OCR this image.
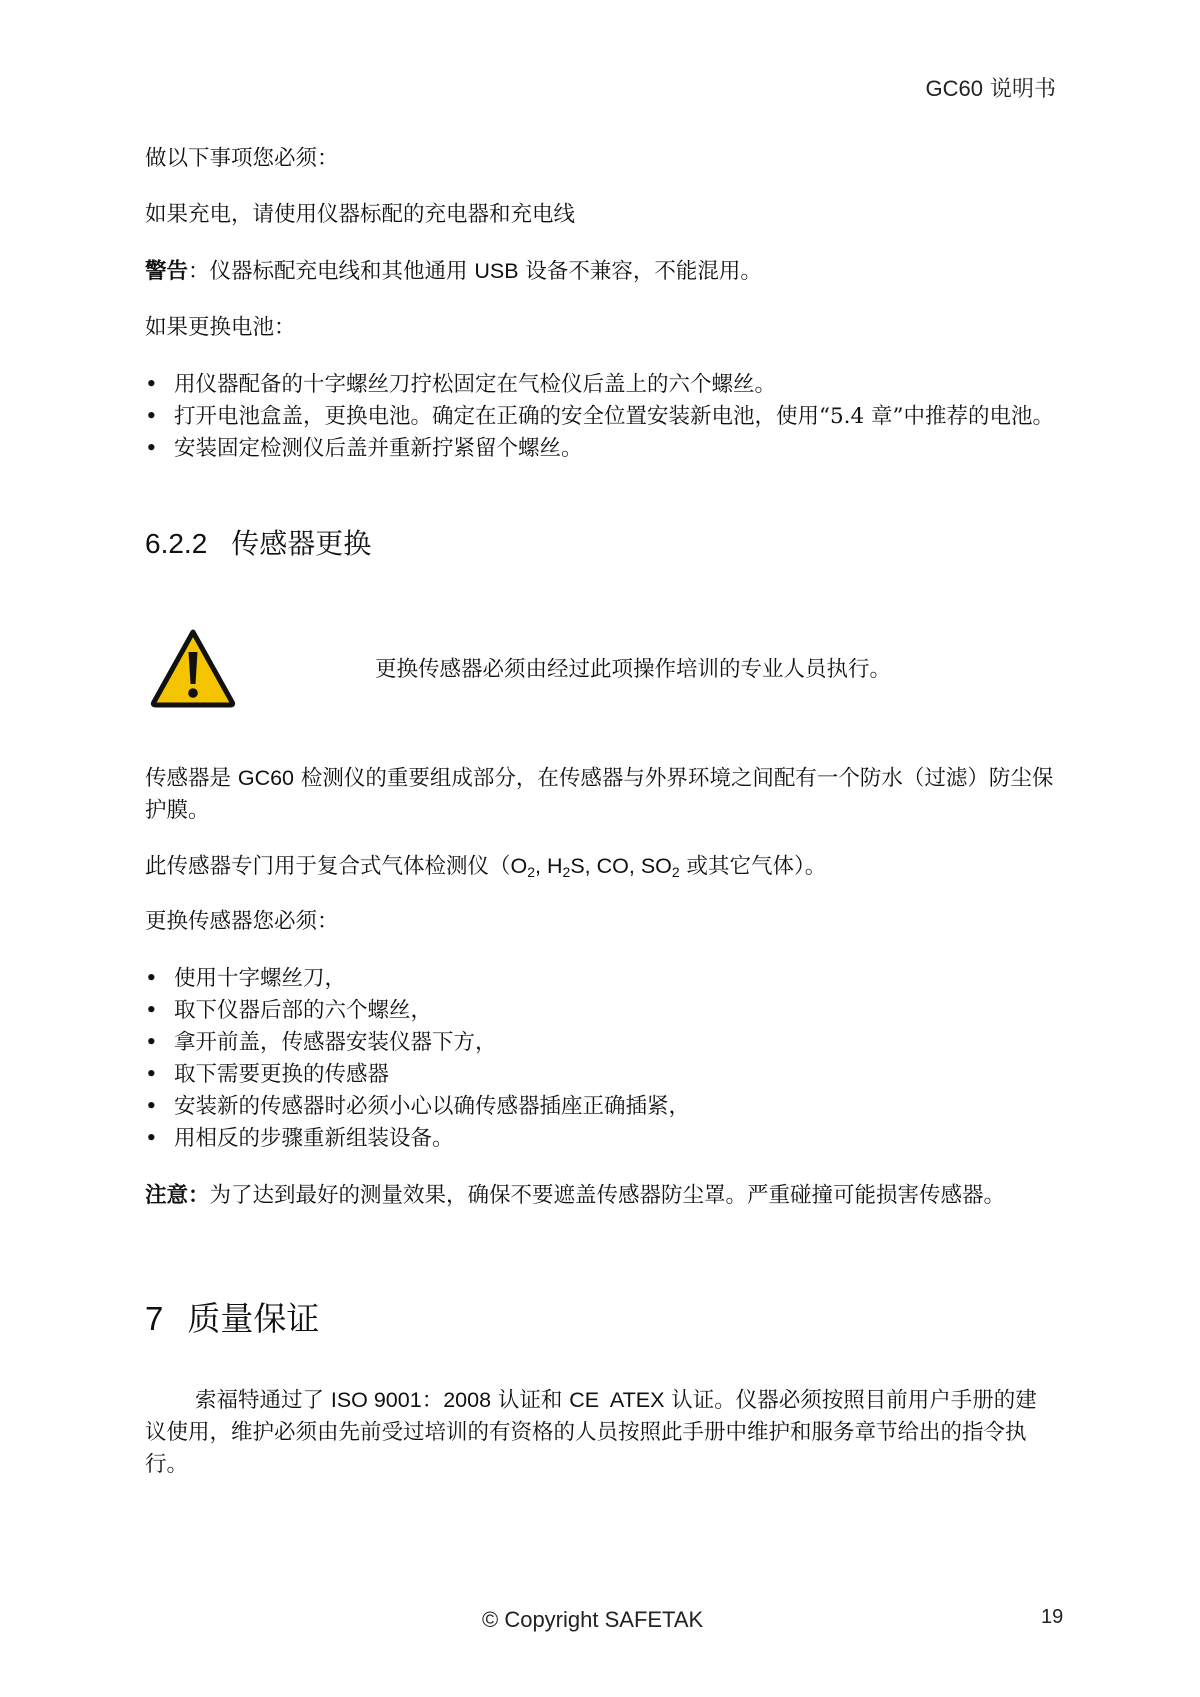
GC60 说明书

做以下事项您必须：

如果充电，请使用仪器标配的充电器和充电线

警告：仪器标配充电线和其他通用 USB 设备不兼容，不能混用。

如果更换电池：

• 用仪器配备的十字螺丝刀拧松固定在气检仪后盖上的六个螺丝。
• 打开电池盒盖，更换电池。确定在正确的安全位置安装新电池，使用“5.4 章”中推荐的电池。
• 安装固定检测仪后盖并重新拧紧留个螺丝。
6.2.2 传感器更换

传感器是 GC60 检测仪的重要组成部分，在传感器与外界环境之间配有一个防水（过滤）防尘保护膜。

此传感器专门用于复合式气体检测仪（$O_2$, $H_2S$, CO, $SO_2$ 或其它气体）。

更换传感器您必须：

• 使用十字螺丝刀，
• 取下仪器后部的六个螺丝，
• 拿开前盖，传感器安装仪器下方，
• 取下需要更换的传感器
• 安装新的传感器时必须小心以确传感器插座正确插紧，
• 用相反的步骤重新组装设备。

注意：为了达到最好的测量效果，确保不要遮盖传感器防尘罩。严重碰撞可能损害传感器。

7 质量保证

索福特通过了 ISO 9001：2008 认证和 CE  ATEX 认证。仪器必须按照目前用户手册的建议使用，维护必须由先前受过培训的有资格的人员按照此手册中维护和服务章节给出的指令执行。

更换传感器必须由经过此项操作培训的专业人员执行。
© Copyright SAFETAK	19
